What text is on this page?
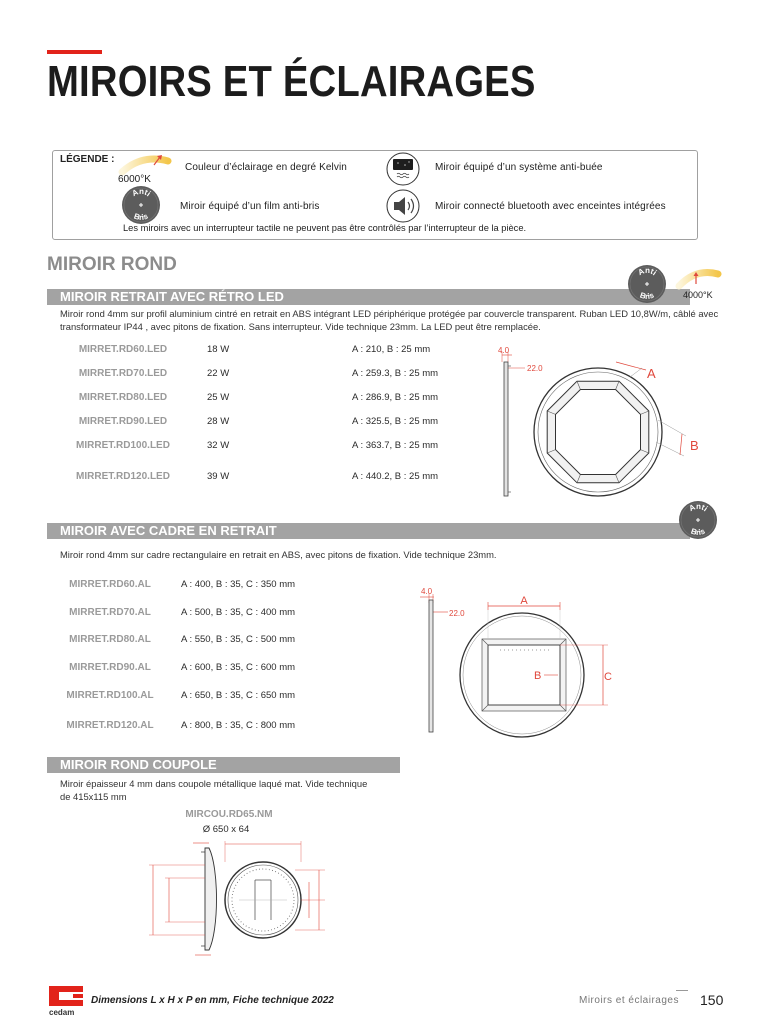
MIROIRS ET ÉCLAIRAGES
LÉGENDE :
6000°K
Couleur d’éclairage en degré Kelvin	Miroir équipé d’un système anti-buée
Anti
Bris
Miroir équipé d’un film anti-bris	Miroir connecté bluetooth avec enceintes intégrées
Les miroirs avec un interrupteur tactile ne peuvent pas être contrôlés par l’interrupteur de la pièce.
MIROIR ROND
MIROIR RETRAIT AVEC RÉTRO LED
Anti
Bris	4000°K
Miroir rond 4mm sur profil aluminium cintré en retrait en ABS intégrant LED périphérique protégée par couvercle transparent. Ruban LED 10,8W/m, câblé avec transformateur IP44 , avec pitons de fixation. Sans interrupteur. Vide technique 23mm. La LED peut être remplacée.
MIRRET.RD60.LED	18 W	A : 210, B : 25 mm
MIRRET.RD70.LED	22 W	A : 259.3, B : 25 mm
MIRRET.RD80.LED	25 W	A : 286.9, B : 25 mm
MIRRET.RD90.LED	28 W	A : 325.5, B : 25 mm
MIRRET.RD100.LED	32 W	A : 363.7, B : 25 mm
MIRRET.RD120.LED	39 W	A : 440.2, B : 25 mm
4.0
22.0	A
B
MIROIR AVEC CADRE EN RETRAIT
Anti
Bris
Miroir rond 4mm sur cadre rectangulaire en retrait en ABS, avec pitons de fixation. Vide technique 23mm.
MIRRET.RD60.AL	A : 400, B : 35, C : 350 mm
MIRRET.RD70.AL	A : 500, B : 35, C : 400 mm
MIRRET.RD80.AL	A : 550, B : 35, C : 500 mm
MIRRET.RD90.AL	A : 600, B : 35, C : 600 mm
MIRRET.RD100.AL	A : 650, B : 35, C : 650 mm
MIRRET.RD120.AL	A : 800, B : 35, C : 800 mm
4.0
22.0
A
B	C
MIROIR ROND COUPOLE
Miroir épaisseur 4 mm dans coupole métallique laqué mat. Vide technique de 415x115 mm
MIRCOU.RD65.NM
Ø 650 x 64
cedam
Dimensions L x H x P en mm, Fiche technique 2022	Miroirs et éclairages 150
